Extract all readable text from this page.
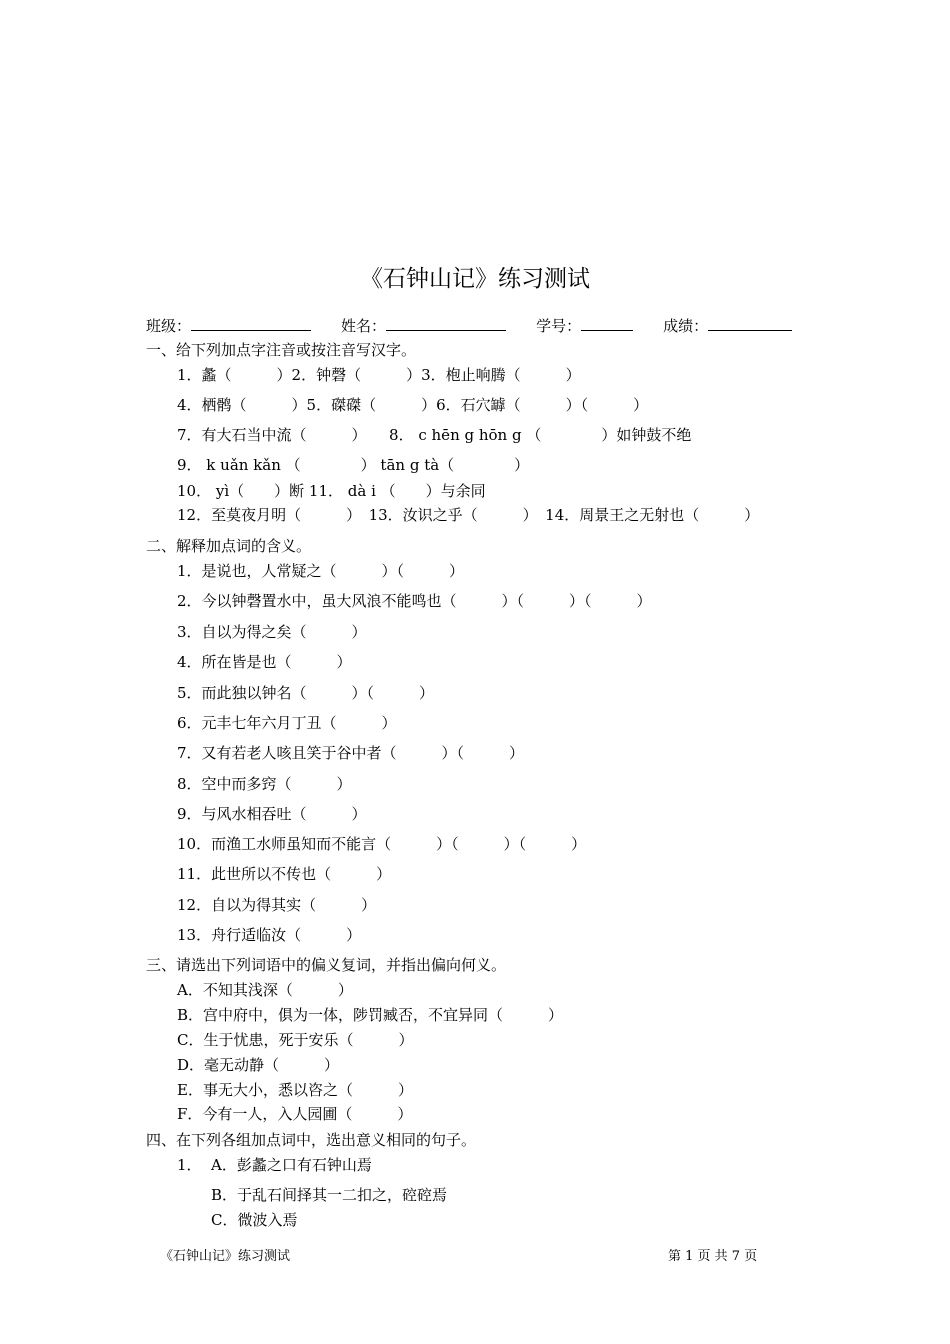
《石钟山记》练习测试
班级：　　	姓名：　　	学号：　　	成绩：
一、给下列加点字注音或按注音写汉字。
1．蠡（　　　）2．钟磬（　　　）3．枹止响腾（　　　）
4．栖鹘（　　　）5．磔磔（　　　）6．石穴罅（　　　）（　　　）
7．有大石当中流（　　　）　　8． c hēn g hōn g （　　　　）如钟鼓不绝
9． k uǎn kǎn （　　　　） tān g tà（　　　　）
10． yì（　　）断 11． dà i （　　）与余同
12．至莫夜月明（　　　）　13．汝识之乎（　　　）　14．周景王之无射也（　　　）
二、解释加点词的含义。
1．是说也，人常疑之（　　　）（　　　）
2．今以钟磬置水中，虽大风浪不能鸣也（　　　）（　　　）（　　　）
3．自以为得之矣（　　　）
4．所在皆是也（　　　）
5．而此独以钟名（　　　）（　　　）
6．元丰七年六月丁丑（　　　）
7．又有若老人咳且笑于谷中者（　　　）（　　　）
8．空中而多窍（　　　）
9．与风水相吞吐（　　　）
10．而渔工水师虽知而不能言（　　　）（　　　）（　　　）
11．此世所以不传也（　　　）
12．自以为得其实（　　　）
13．舟行适临汝（　　　）
三、请选出下列词语中的偏义复词，并指出偏向何义。
A．不知其浅深（　　　）
B．宫中府中，俱为一体，陟罚臧否，不宜异同（　　　）
C．生于忧患，死于安乐（　　　）
D．毫无动静（　　　）
E．事无大小，悉以咨之（　　　）
F．今有一人，入人园圃（　　　）
四、在下列各组加点词中，选出意义相同的句子。
1． A．彭蠡之口有石钟山焉
B．于乱石间择其一二扣之，硿硿焉
C．微波入焉
《石钟山记》练习测试	第 1 页 共 7 页
